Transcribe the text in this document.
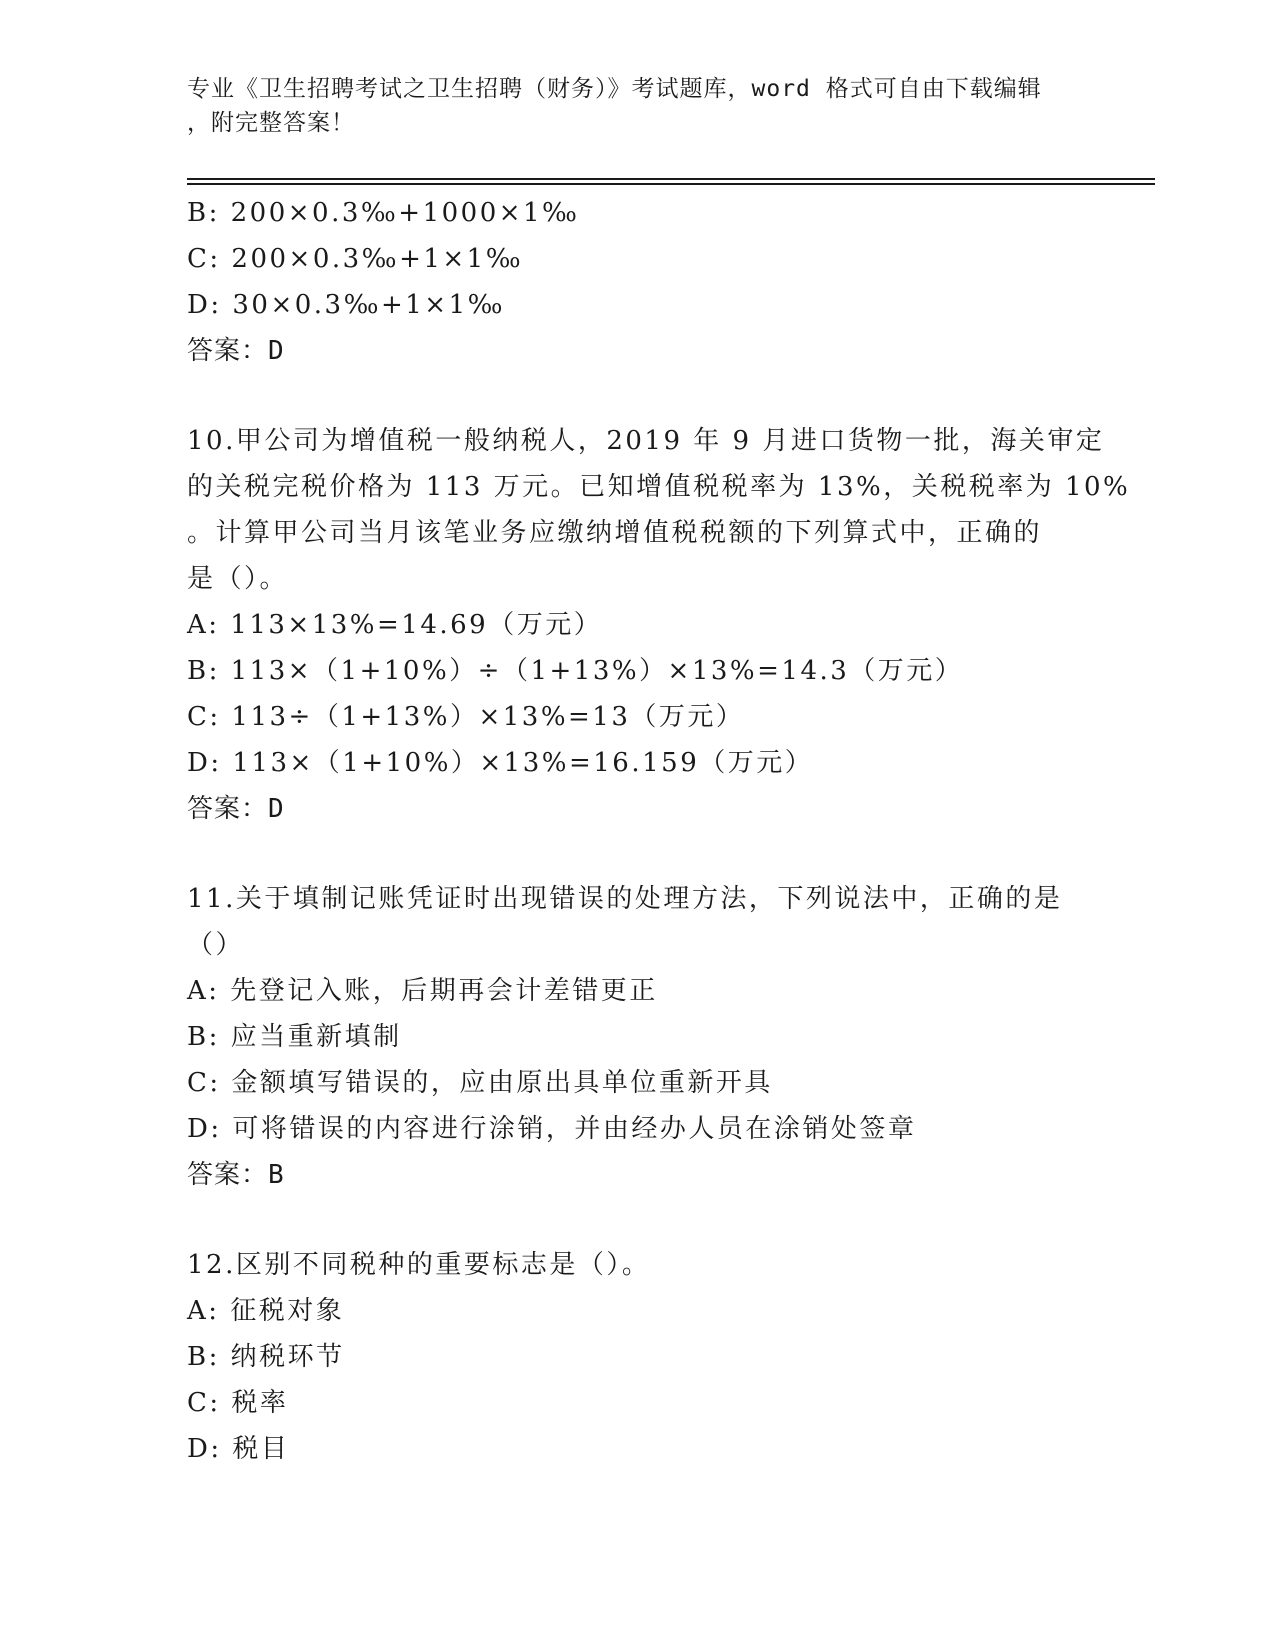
专业《卫生招聘考试之卫生招聘（财务）》考试题库，word 格式可自由下载编辑
，附完整答案！
B: 200×0.3‰+1000×1‰
C: 200×0.3‰+1×1‰
D: 30×0.3‰+1×1‰
答案：D
10.甲公司为增值税一般纳税人，2019 年 9 月进口货物一批，海关审定
的关税完税价格为 113 万元。已知增值税税率为 13%，关税税率为 10%
。计算甲公司当月该笔业务应缴纳增值税税额的下列算式中，正确的
是（）。
A: 113×13%=14.69（万元）
B: 113×（1+10%）÷（1+13%）×13%=14.3（万元）
C: 113÷（1+13%）×13%=13（万元）
D: 113×（1+10%）×13%=16.159（万元）
答案：D
11.关于填制记账凭证时出现错误的处理方法，下列说法中，正确的是
（）
A: 先登记入账，后期再会计差错更正
B: 应当重新填制
C: 金额填写错误的，应由原出具单位重新开具
D: 可将错误的内容进行涂销，并由经办人员在涂销处签章
答案：B
12.区别不同税种的重要标志是（）。
A: 征税对象
B: 纳税环节
C: 税率
D: 税目
